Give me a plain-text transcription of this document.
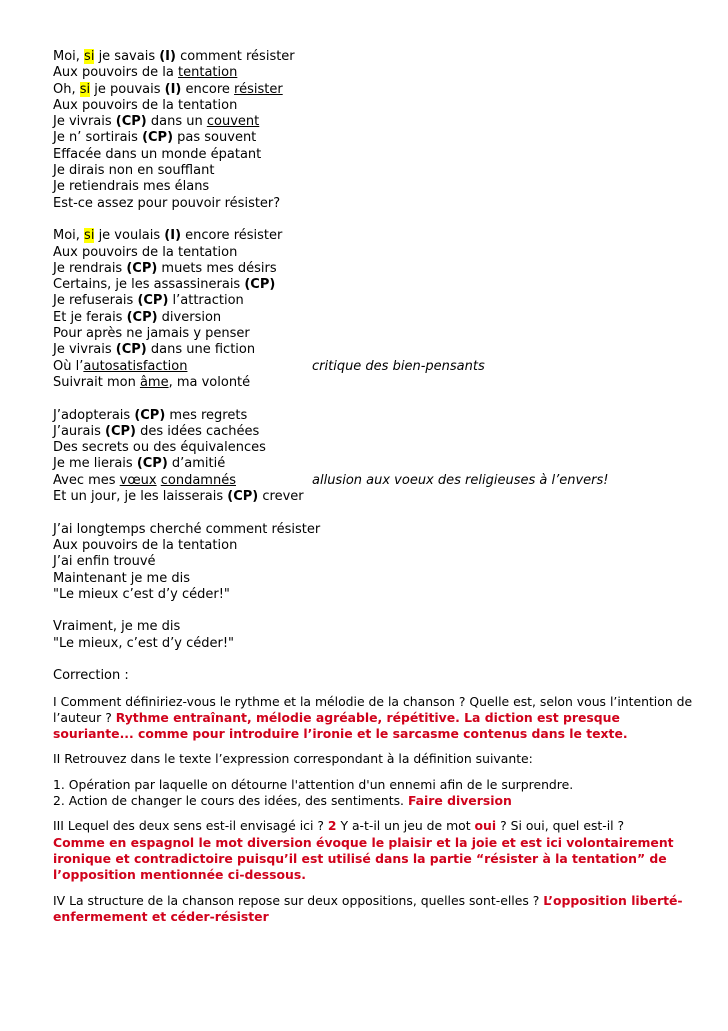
Moi, si je savais (I) comment résister
Aux pouvoirs de la tentation
Oh, si je pouvais (I) encore résister
Aux pouvoirs de la tentation
Je vivrais (CP) dans un couvent
Je n’ sortirais (CP) pas souvent
Effacée dans un monde épatant
Je dirais non en soufflant
Je retiendrais mes élans
Est-ce assez pour pouvoir résister?
Moi, si je voulais (I) encore résister
Aux pouvoirs de la tentation
Je rendrais (CP) muets mes désirs
Certains, je les assassinerais (CP)
Je refuserais (CP) l’attraction
Et je ferais (CP) diversion
Pour après ne jamais y penser
Je vivrais (CP) dans une fiction
Où l’autosatisfaction	critique des bien-pensants
Suivrait mon âme, ma volonté
J’adopterais (CP) mes regrets
J’aurais (CP) des idées cachées
Des secrets ou des équivalences
Je me lierais (CP) d’amitié
Avec mes vœux condamnés	allusion aux voeux des religieuses à l’envers!
Et un jour, je les laisserais (CP) crever
J’ai longtemps cherché comment résister
Aux pouvoirs de la tentation
J’ai enfin trouvé
Maintenant je me dis
"Le mieux c’est d’y céder!"
Vraiment, je me dis
"Le mieux, c’est d’y céder!"
Correction :
I Comment définiriez-vous le rythme et la mélodie de la chanson ? Quelle est, selon vous l’intention de l’auteur ? Rythme entraînant, mélodie agréable, répétitive. La diction est presque souriante... comme pour introduire l’ironie et le sarcasme contenus dans le texte.
II Retrouvez dans le texte l’expression correspondant à la définition suivante:
1. Opération par laquelle on détourne l'attention d'un ennemi afin de le surprendre.
2. Action de changer le cours des idées, des sentiments. Faire diversion
III Lequel des deux sens est-il envisagé ici ? 2 Y a-t-il un jeu de mot oui ? Si oui, quel est-il ?
Comme en espagnol le mot diversion évoque le plaisir et la joie et est ici volontairement ironique et contradictoire puisqu’il est utilisé dans la partie “résister à la tentation” de l’opposition mentionnée ci-dessous.
IV La structure de la chanson repose sur deux oppositions, quelles sont-elles ? L’opposition liberté-enfermement et céder-résister
